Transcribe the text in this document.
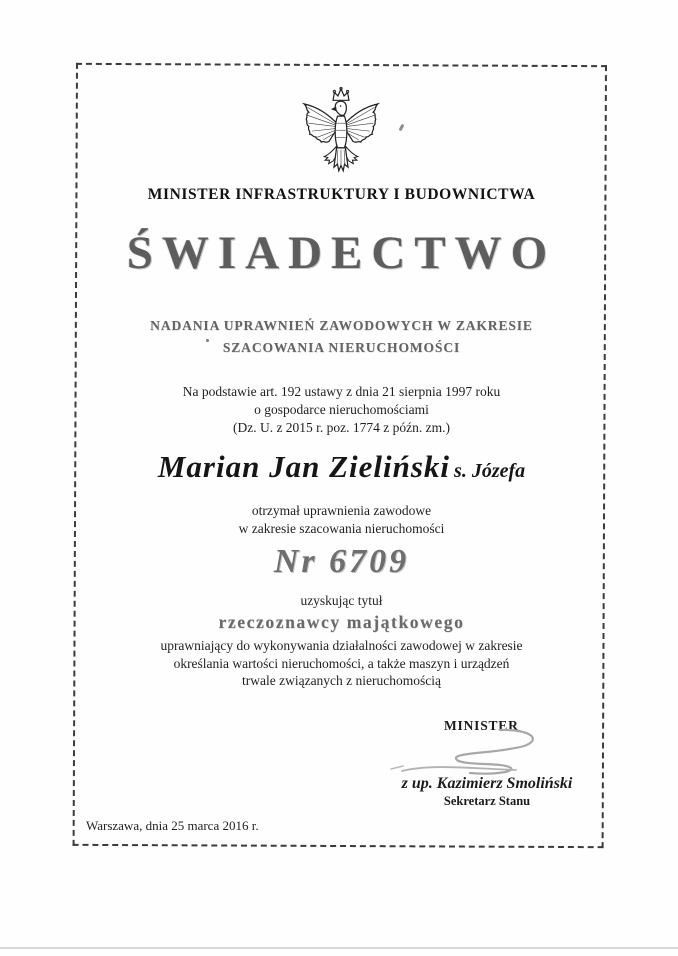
MINISTER INFRASTRUKTURY I BUDOWNICTWA
ŚWIADECTWO
NADANIA UPRAWNIEŃ ZAWODOWYCH W ZAKRESIE
SZACOWANIA NIERUCHOMOŚCI
Na podstawie art. 192 ustawy z dnia 21 sierpnia 1997 roku
o gospodarce nieruchomościami
(Dz. U. z 2015 r. poz. 1774 z późn. zm.)
Marian Jan Zieliński s. Józefa
otrzymał uprawnienia zawodowe
w zakresie szacowania nieruchomości
Nr 6709
uzyskując tytuł
rzeczoznawcy majątkowego
uprawniający do wykonywania działalności zawodowej w zakresie
określania wartości nieruchomości, a także maszyn i urządzeń
trwale związanych z nieruchomością
MINISTER
z up. Kazimierz Smoliński
Sekretarz Stanu
Warszawa, dnia 25 marca 2016 r.
